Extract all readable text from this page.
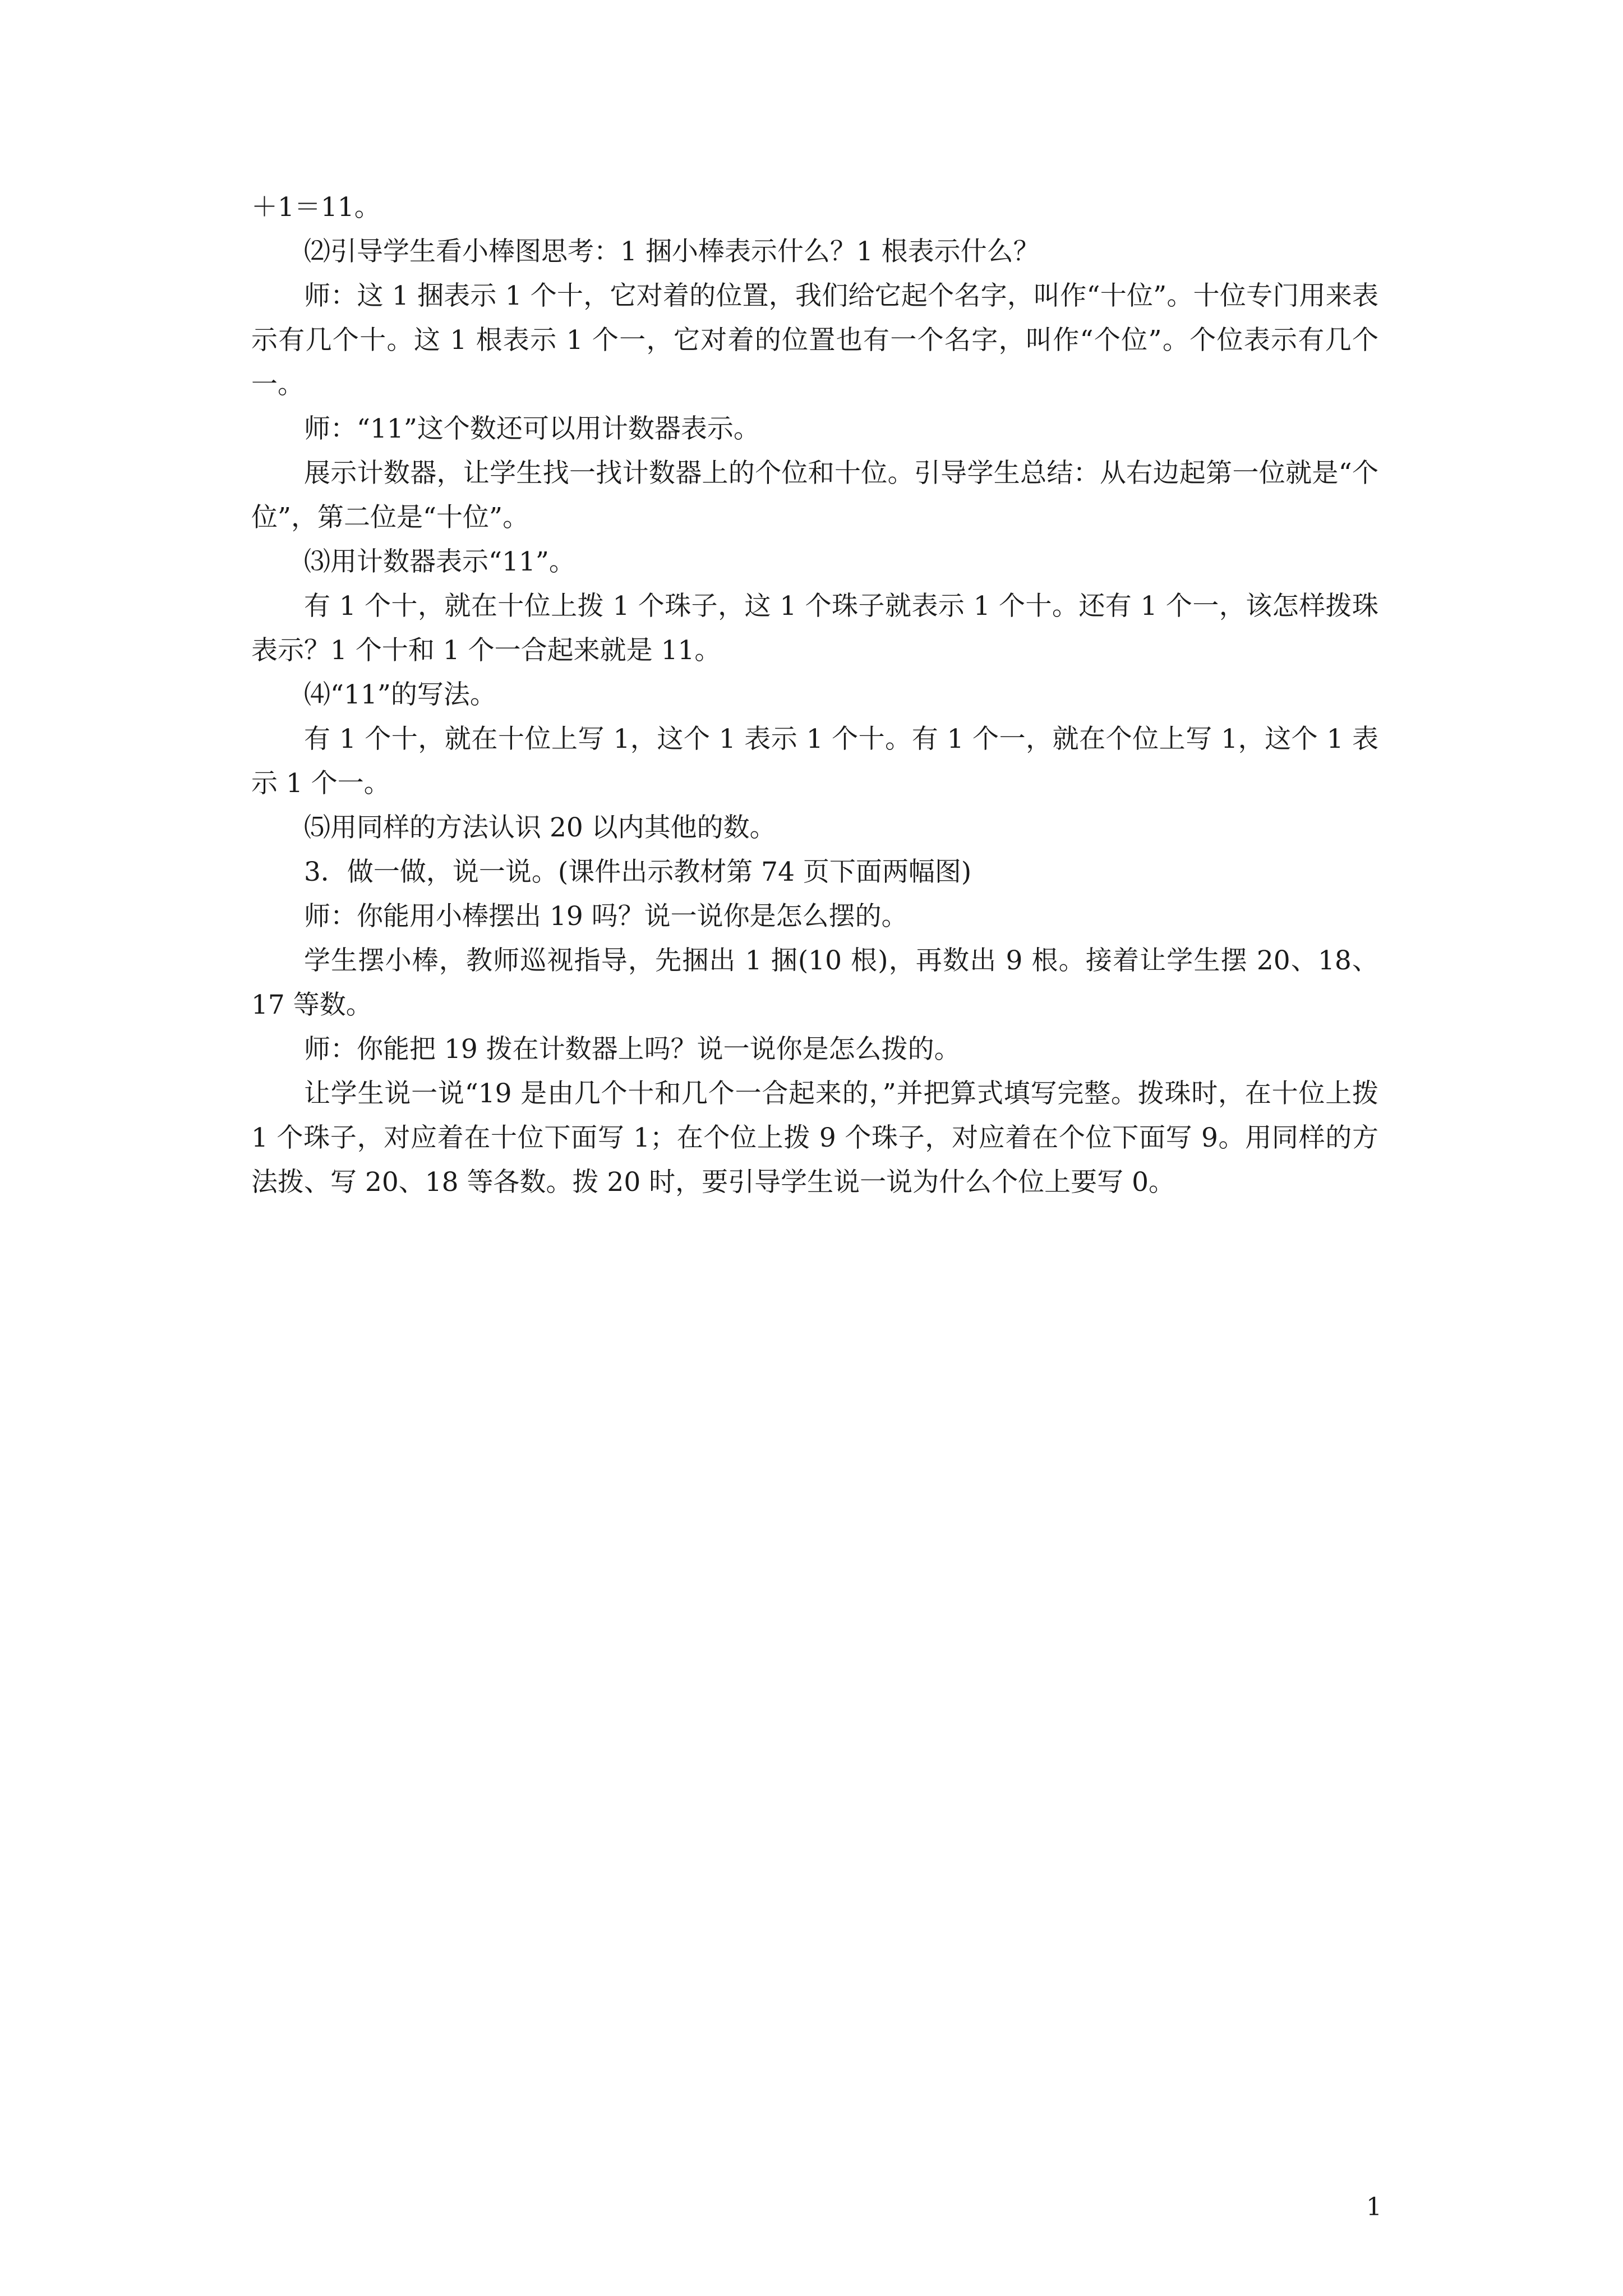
＋1＝11。

⑵引导学生看小棒图思考：1 捆小棒表示什么？1 根表示什么？

师：这 1 捆表示 1 个十，它对着的位置，我们给它起个名字，叫作“十位”。十位专门用来表示有几个十。这 1 根表示 1 个一，它对着的位置也有一个名字，叫作“个位”。个位表示有几个一。

师：“11”这个数还可以用计数器表示。

展示计数器，让学生找一找计数器上的个位和十位。引导学生总结：从右边起第一位就是“个位”，第二位是“十位”。

⑶用计数器表示“11”。

有 1 个十，就在十位上拨 1 个珠子，这 1 个珠子就表示 1 个十。还有 1 个一，该怎样拨珠表示？1 个十和 1 个一合起来就是 11。

⑷“11”的写法。

有 1 个十，就在十位上写 1，这个 1 表示 1 个十。有 1 个一，就在个位上写 1，这个 1 表示 1 个一。

⑸用同样的方法认识 20 以内其他的数。

3．做一做，说一说。(课件出示教材第 74 页下面两幅图)

师：你能用小棒摆出 19 吗？说一说你是怎么摆的。

学生摆小棒，教师巡视指导，先捆出 1 捆(10 根)，再数出 9 根。接着让学生摆 20、18、17 等数。

师：你能把 19 拨在计数器上吗？说一说你是怎么拨的。

让学生说一说“19 是由几个十和几个一合起来的，”并把算式填写完整。拨珠时，在十位上拨 1 个珠子，对应着在十位下面写 1；在个位上拨 9 个珠子，对应着在个位下面写 9。用同样的方法拨、写 20、18 等各数。拨 20 时，要引导学生说一说为什么个位上要写 0。

1
